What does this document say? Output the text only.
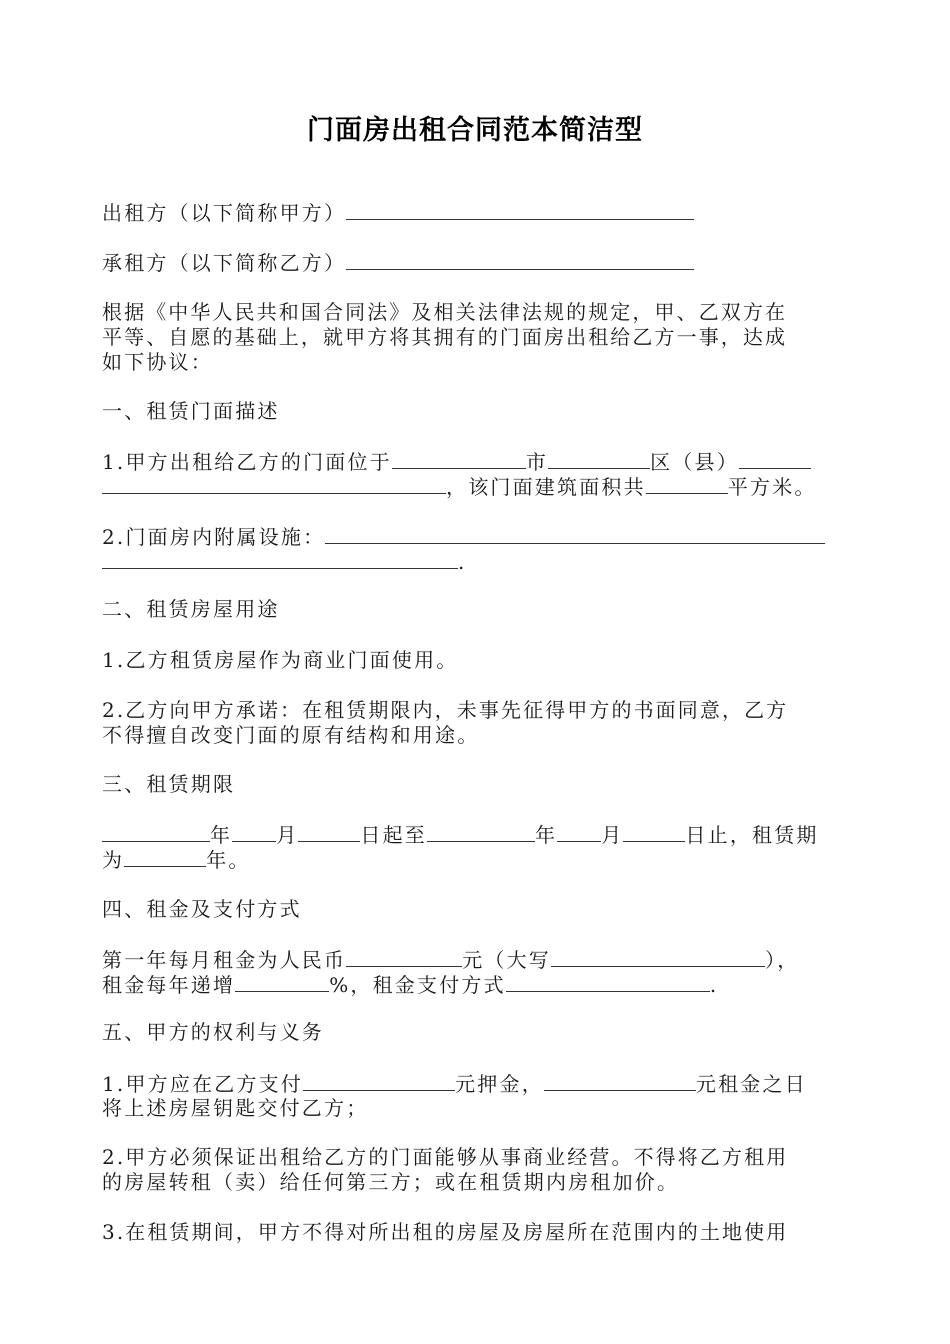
门面房出租合同范本简洁型

出租方（以下简称甲方）

承租方（以下简称乙方）

根据《中华人民共和国合同法》及相关法律法规的规定，甲、乙双方在
平等、自愿的基础上，就甲方将其拥有的门面房出租给乙方一事，达成
如下协议：

一、租赁门面描述

1.甲方出租给乙方的门面位于	市	区（县）
，该门面建筑面积共	平方米。
2.门面房内附属设施：
.

二、租赁房屋用途

1.乙方租赁房屋作为商业门面使用。

2.乙方向甲方承诺：在租赁期限内，未事先征得甲方的书面同意，乙方
不得擅自改变门面的原有结构和用途。

三、租赁期限

年 月	日起至	年 月	日止，租赁期
为	年。

四、租金及支付方式

第一年每月租金为人民币	元（大写	），
租金每年递增	%，租金支付方式	.

五、甲方的权利与义务

1.甲方应在乙方支付	元押金，	元租金之日
将上述房屋钥匙交付乙方；
2.甲方必须保证出租给乙方的门面能够从事商业经营。不得将乙方租用
的房屋转租（卖）给任何第三方；或在租赁期内房租加价。
3.在租赁期间，甲方不得对所出租的房屋及房屋所在范围内的土地使用
